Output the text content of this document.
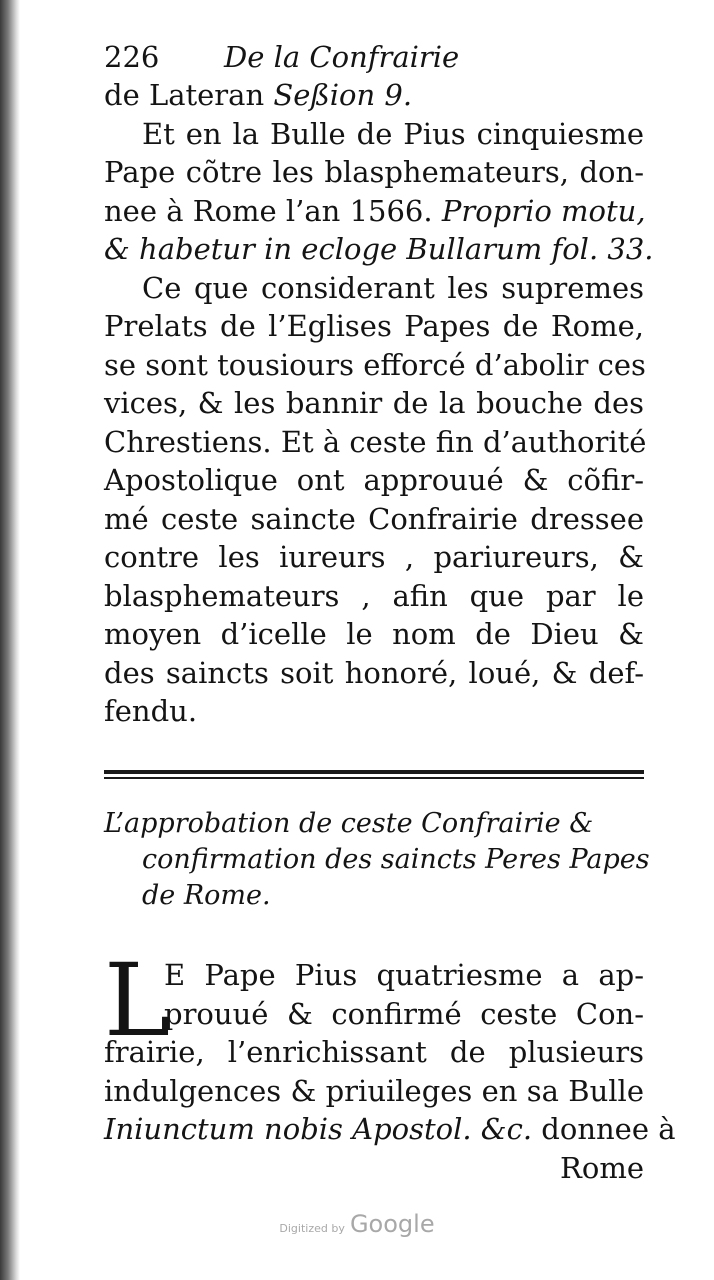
226	De la Confrairie
de Lateran Seßion 9.
Et en la Bulle de Pius cinquiesme
Pape cõtre les blasphemateurs, don-
nee à Rome l’an 1566. Proprio motu,
& habetur in ecloge Bullarum fol. 33.
Ce que considerant les supremes
Prelats de l’Eglises Papes de Rome,
se sont tousiours efforcé d’abolir ces
vices, & les bannir de la bouche des
Chrestiens. Et à ceste fin d’authorité
Apostolique ont approuué & cõfir-
mé ceste saincte Confrairie dressee
contre les iureurs , pariureurs, &
blasphemateurs , afin que par le
moyen d’icelle le nom de Dieu &
des saincts soit honoré, loué, & def-
fendu.
L’approbation de ceste Confrairie &
confirmation des saincts Peres Papes
de Rome.
L
E Pape Pius quatriesme a ap-
prouué & confirmé ceste Con-
frairie, l’enrichissant de plusieurs
indulgences & priuileges en sa Bulle
Iniunctum nobis Apostol. &c. donnee à
Rome
Digitized by Google
